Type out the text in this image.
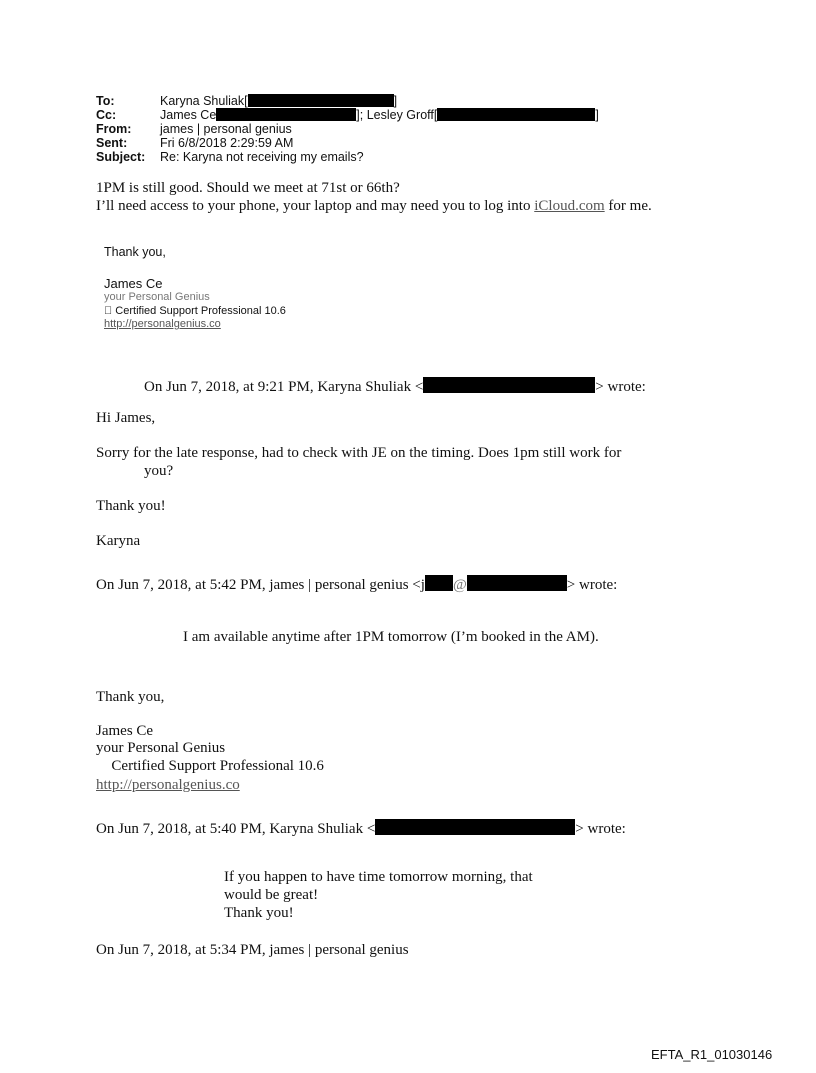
To:	Karyna Shuliak[	]
Cc:	James Ce	]; Lesley Groff[	]
From: james | personal genius
Sent:	Fri 6/8/2018 2:29:59 AM
Subject: Re: Karyna not receiving my emails?
1PM is still good. Should we meet at 71st or 66th?
I’ll need access to your phone, your laptop and may need you to log into iCloud.com for me.
Thank you,
James Ce
your Personal Genius
Certified Support Professional 10.6
http://personalgenius.co
On Jun 7, 2018, at 9:21 PM, Karyna Shuliak <	> wrote:
Hi James,
Sorry for the late response, had to check with JE on the timing. Does 1pm still work for
you?
Thank you!
Karyna
On Jun 7, 2018, at 5:42 PM, james | personal genius <j @	> wrote:
I am available anytime after 1PM tomorrow (I’m booked in the AM).
Thank you,
James Ce
your Personal Genius
Certified Support Professional 10.6
http://personalgenius.co
On Jun 7, 2018, at 5:40 PM, Karyna Shuliak <	> wrote:
If you happen to have time tomorrow morning, that
would be great!
Thank you!
On Jun 7, 2018, at 5:34 PM, james | personal genius
EFTA_R1_01030146
